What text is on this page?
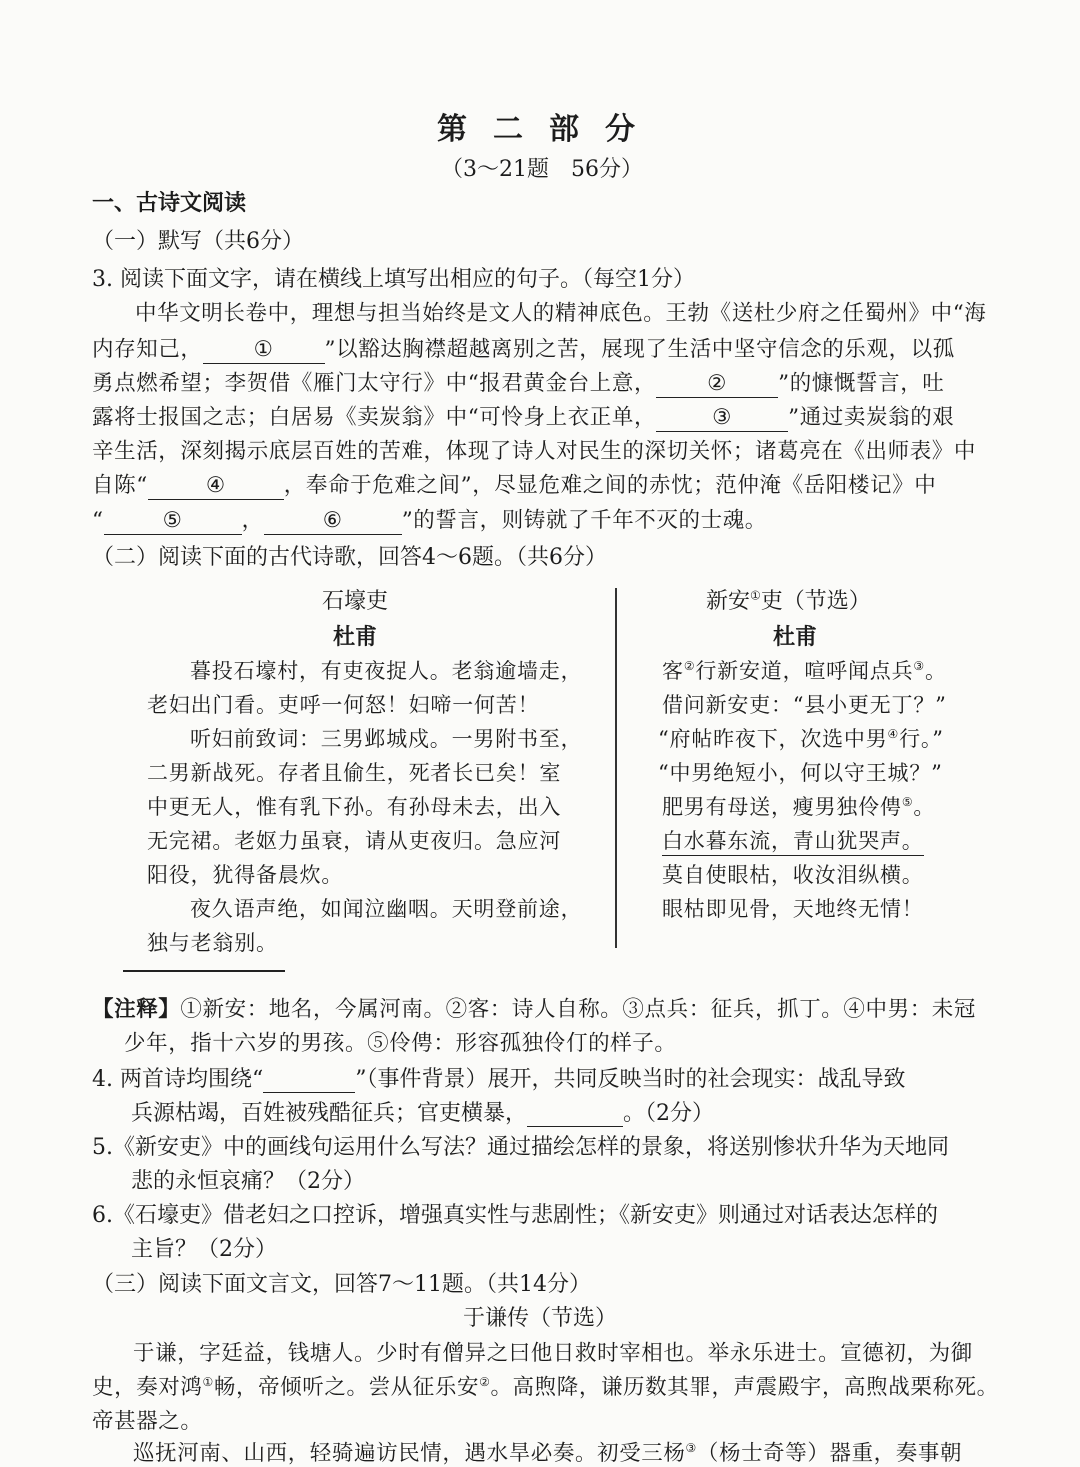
第二部分
（3～21题　56分）
一、古诗文阅读
（一）默写（共6分）
3. 阅读下面文字，请在横线上填写出相应的句子。（每空1分）
中华文明长卷中，理想与担当始终是文人的精神底色。王勃《送杜少府之任蜀州》中“海
内存知己， ① ”以豁达胸襟超越离别之苦，展现了生活中坚守信念的乐观，以孤
勇点燃希望；李贺借《雁门太守行》中“报君黄金台上意， ② ”的慷慨誓言，吐
露将士报国之志；白居易《卖炭翁》中“可怜身上衣正单，	③	”通过卖炭翁的艰
辛生活，深刻揭示底层百姓的苦难，体现了诗人对民生的深切关怀；诸葛亮在《出师表》中
自陈“	④	，奉命于危难之间”，尽显危难之间的赤忱；范仲淹《岳阳楼记》中
“	⑤	，	⑥	”的誓言，则铸就了千年不灭的士魂。
（二）阅读下面的古代诗歌，回答4～6题。（共6分）
石壕吏
杜甫
暮投石壕村，有吏夜捉人。老翁逾墙走，
老妇出门看。吏呼一何怒！妇啼一何苦！
听妇前致词：三男邺城戍。一男附书至，
二男新战死。存者且偷生，死者长已矣！室
中更无人，惟有乳下孙。有孙母未去，出入
无完裙。老妪力虽衰，请从吏夜归。急应河
阳役，犹得备晨炊。
夜久语声绝，如闻泣幽咽。天明登前途，
独与老翁别。
新安①吏（节选）
杜甫
客②行新安道，喧呼闻点兵③。
借问新安吏：“县小更无丁？”
“府帖昨夜下，次选中男④行。”
“中男绝短小，何以守王城？”
肥男有母送，瘦男独伶俜⑤。
白水暮东流，青山犹哭声。
莫自使眼枯，收汝泪纵横。
眼枯即见骨，天地终无情！
【注释】①新安：地名，今属河南。②客：诗人自称。③点兵：征兵，抓丁。④中男：未冠
少年，指十六岁的男孩。⑤伶俜：形容孤独伶仃的样子。
4. 两首诗均围绕“	”（事件背景）展开，共同反映当时的社会现实：战乱导致
兵源枯竭，百姓被残酷征兵；官吏横暴，	。（2分）
5.《新安吏》中的画线句运用什么写法？通过描绘怎样的景象，将送别惨状升华为天地同
悲的永恒哀痛？（2分）
6.《石壕吏》借老妇之口控诉，增强真实性与悲剧性；《新安吏》则通过对话表达怎样的
主旨？（2分）
（三）阅读下面文言文，回答7～11题。（共14分）
于谦传（节选）
于谦，字廷益，钱塘人。少时有僧异之曰他日救时宰相也。举永乐进士。宣德初，为御
史，奏对鸿①畅，帝倾听之。尝从征乐安②。高煦降，谦历数其罪，声震殿宇，高煦战栗称死。
帝甚器之。
巡抚河南、山西，轻骑遍访民情，遇水旱必奏。初受三杨③（杨士奇等）器重，奏事朝
